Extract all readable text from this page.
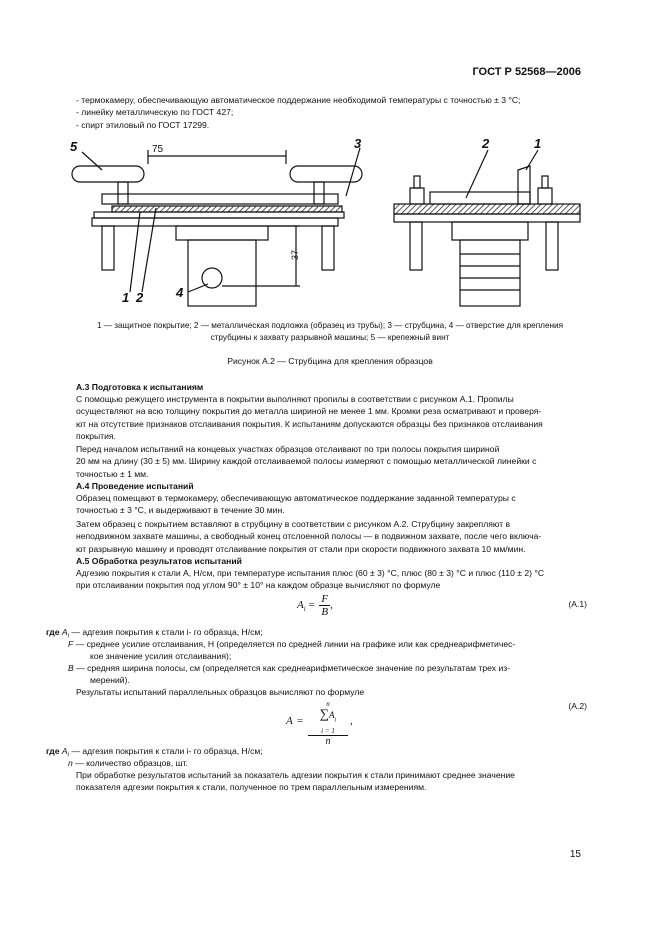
ГОСТ Р 52568—2006
- термокамеру, обеспечивающую автоматическое поддержание необходимой температуры с точностью ± 3 °С;
- линейку металлическую по ГОСТ 427;
- спирт этиловый по ГОСТ 17299.
75
37
5	3
1 2	4
2	1
1 — защитное покрытие; 2 — металлическая подложка (образец из трубы); 3 — струбцина, 4 — отверстие для крепления
струбцины к захвату разрывной машины; 5 — крепежный винт
Рисунок А.2 — Струбцина для крепления образцов
А.3 Подготовка к испытаниям
С помощью режущего инструмента в покрытии выполняют пропилы в соответствии с рисунком А.1. Пропилы
осуществляют на всю толщину покрытия до металла шириной не менее 1 мм. Кромки реза осматривают и проверя-
ют на отсутствие признаков отслаивания покрытия. К испытаниям допускаются образцы без признаков отслаивания
покрытия.
Перед началом испытаний на концевых участках образцов отслаивают по три полосы покрытия шириной
20 мм на длину (30 ± 5) мм. Ширину каждой отслаиваемой полосы измеряют с помощью металлической линейки с
точностью ± 1 мм.
А.4 Проведение испытаний
Образец помещают в термокамеру, обеспечивающую автоматическое поддержание заданной температуры с
точностью ± 3 °С, и выдерживают в течение 30 мин.
Затем образец с покрытием вставляют в струбцину в соответствии с рисунком А.2. Струбцину закрепляют в
неподвижном захвате машины, а свободный конец отслоенной полосы — в подвижном захвате, после чего включа-
ют разрывную машину и проводят отслаивание покрытия от стали при скорости подвижного захвата 10 мм/мин.
А.5 Обработка результатов испытаний
Адгезию покрытия к стали А, Н/см, при температуре испытания плюс (60 ± 3) °С, плюс (80 ± 3) °С и плюс (110 ± 2) °С
при отслаивании покрытия под углом 90° ± 10° на каждом образце вычисляют по формуле
$A_i = \frac{F}{B}$ ,	(А.1)
где $A_i$ — адгезия покрытия к стали i- го образца, Н/см;
F — среднее усилие отслаивания, Н (определяется по средней линии на графике или как среднеарифметичес-
кое значение усилия отслаивания);
B — средняя ширина полосы, см (определяется как среднеарифметическое значение по результатам трех из-
мерений).
Результаты испытаний параллельных образцов вычисляют по формуле
A =
n
$\sum A_i$
i = 1
n
,
(А.2)
где $A_i$ — адгезия покрытия к стали i- го образца, Н/см;
n — количество образцов, шт.
При обработке результатов испытаний за показатель адгезии покрытия к стали принимают среднее значение
показателя адгезии покрытия к стали, полученное по трем параллельным измерениям.
15
